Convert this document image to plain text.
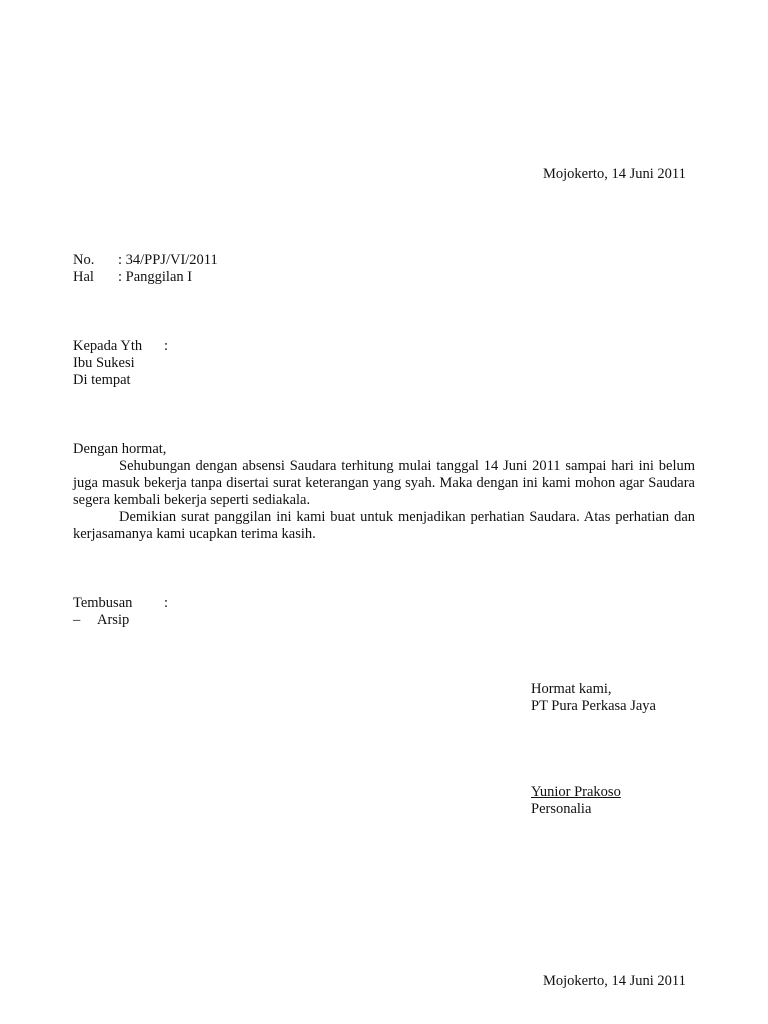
Mojokerto, 14 Juni 2011
No. : 34/PPJ/VI/2011
Hal : Panggilan I
Kepada Yth :
Ibu Sukesi
Di tempat
Dengan hormat,
Sehubungan dengan absensi Saudara terhitung mulai tanggal 14 Juni 2011 sampai hari ini belum juga masuk bekerja tanpa disertai surat keterangan yang syah. Maka dengan ini kami mohon agar Saudara segera kembali bekerja seperti sediakala.
Demikian surat panggilan ini kami buat untuk menjadikan perhatian Saudara. Atas perhatian dan kerjasamanya kami ucapkan terima kasih.
Tembusan :
– Arsip
Hormat kami,
PT Pura Perkasa Jaya
Yunior Prakoso
Personalia
Mojokerto, 14 Juni 2011
